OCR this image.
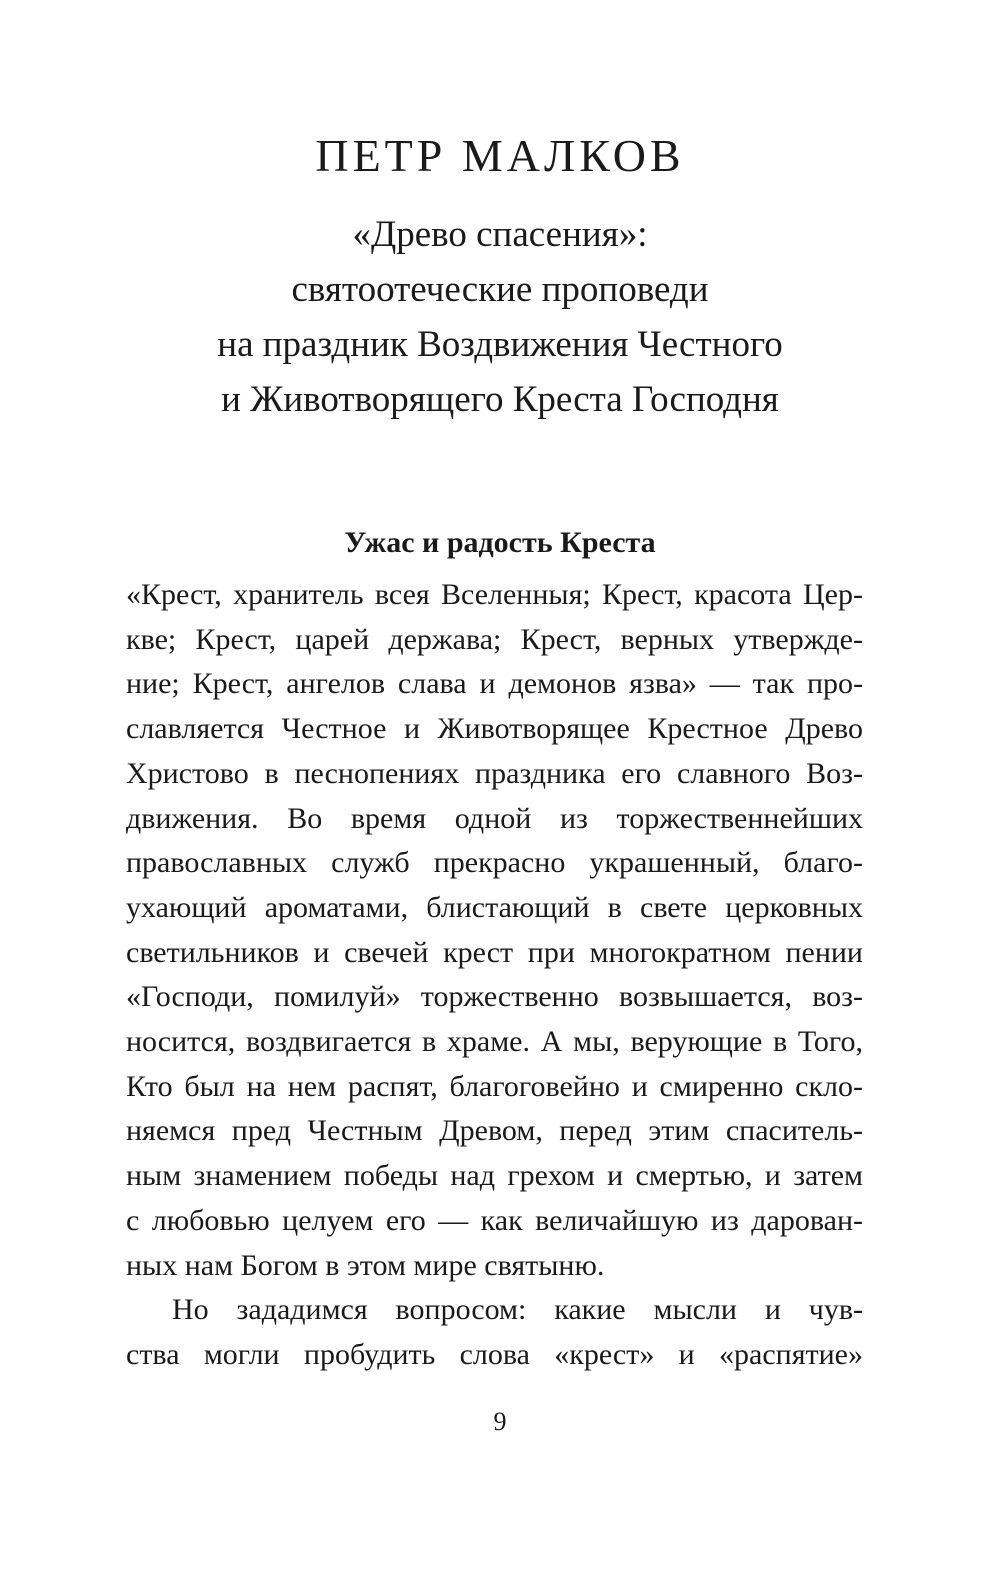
ПЕТР МАЛКОВ
«Древо спасения»:
святоотеческие проповеди
на праздник Воздвижения Честного
и Животворящего Креста Господня
Ужас и радость Креста
«Крест, хранитель всея Вселенныя; Крест, красота Цер-
кве; Крест, царей держава; Крест, верных утвержде-
ние; Крест, ангелов слава и демонов язва» — так про-
славляется Честное и Животворящее Крестное Древо
Христово в песнопениях праздника его славного Воз-
движения. Во время одной из торжественнейших
православных служб прекрасно украшенный, благо-
ухающий ароматами, блистающий в свете церковных
светильников и свечей крест при многократном пении
«Господи, помилуй» торжественно возвышается, воз-
носится, воздвигается в храме. А мы, верующие в Того,
Кто был на нем распят, благоговейно и смиренно скло-
няемся пред Честным Древом, перед этим спаситель-
ным знамением победы над грехом и смертью, и затем
с любовью целуем его — как величайшую из дарован-
ных нам Богом в этом мире святыню.
Но зададимся вопросом: какие мысли и чув-
ства могли пробудить слова «крест» и «распятие»
9
